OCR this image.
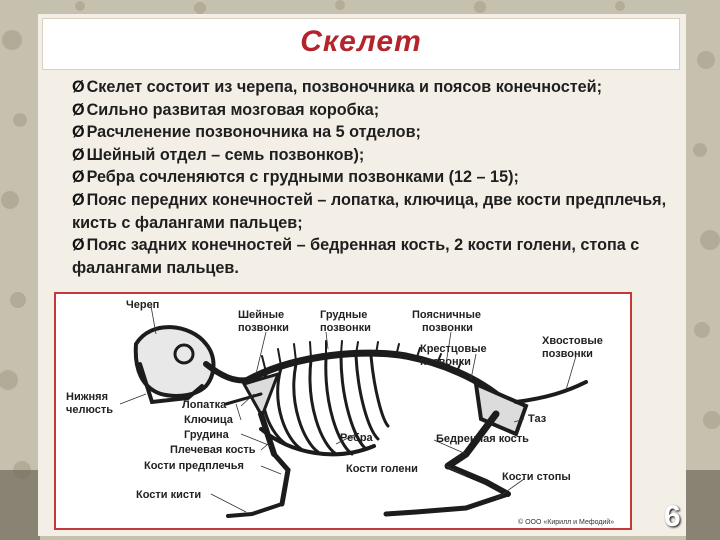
Скелет
Ø Скелет состоит из черепа, позвоночника и поясов конечностей;
Ø Сильно развитая мозговая коробка;
Ø Расчленение позвоночника на 5 отделов;
Ø Шейный отдел – семь позвонков);
Ø Ребра сочленяются с грудными позвонками (12 – 15);
Ø Пояс передних конечностей – лопатка, ключица, две кости предплечья, кисть с фалангами пальцев;
Ø Пояс задних конечностей – бедренная кость, 2 кости голени, стопа с фалангами пальцев.
Череп
Шейные
позвонки
Грудные
позвонки
Поясничные
позвонки
Крестцовые
позвонки
Хвостовые
позвонки
Нижняя
челюсть	Лопатка
Ключица
Грудина
Плечевая кость
Кости предплечья
Кости кисти
Ребра
Таз
Бедренная кость
Кости голени
Кости стопы
© ООО «Кирилл и Мефодий» 6
